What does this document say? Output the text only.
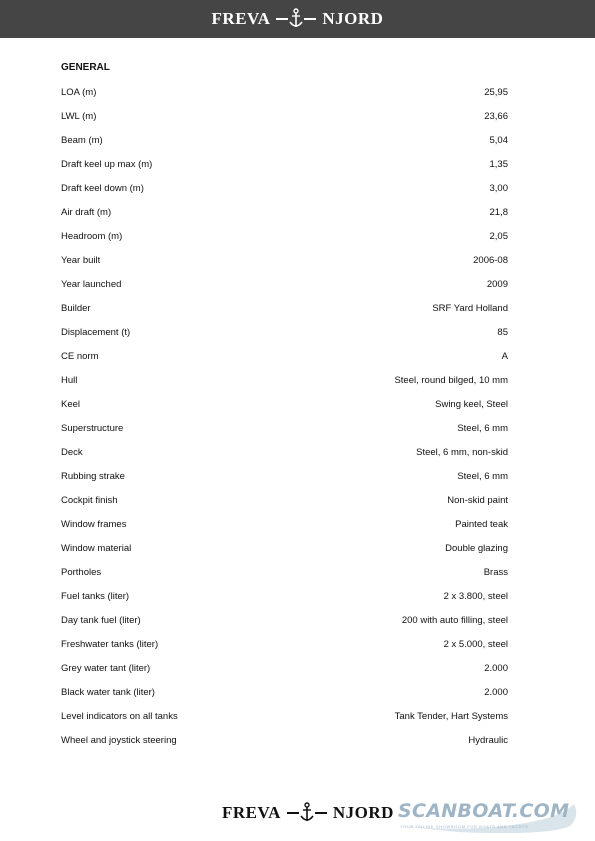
FREVA	NJORD
GENERAL
LOA (m)	25,95
LWL (m)	23,66
Beam (m)	5,04
Draft keel up max (m)	1,35
Draft keel down (m)	3,00
Air draft (m)	21,8
Headroom (m)	2,05
Year built	2006-08
Year launched	2009
Builder	SRF Yard Holland
Displacement (t)	85
CE norm	A
Hull	Steel, round bilged, 10 mm
Keel	Swing keel, Steel
Superstructure	Steel, 6 mm
Deck	Steel, 6 mm, non-skid
Rubbing strake	Steel, 6 mm
Cockpit finish	Non-skid paint
Window frames	Painted teak
Window material	Double glazing
Portholes	Brass
Fuel tanks (liter)	2 x 3.800, steel
Day tank fuel (liter)	200 with auto filling, steel
Freshwater tanks (liter)	2 x 5.000, steel
Grey water tant (liter)	2.000
Black water tank (liter)	2.000
Level indicators on all tanks	Tank Tender, Hart Systems
Wheel and joystick steering	Hydraulic
FREVA	NJORD SCANBOAT.COM
YOUR ONLINE SHOWROOM FOR BOATS AND YACHTS
